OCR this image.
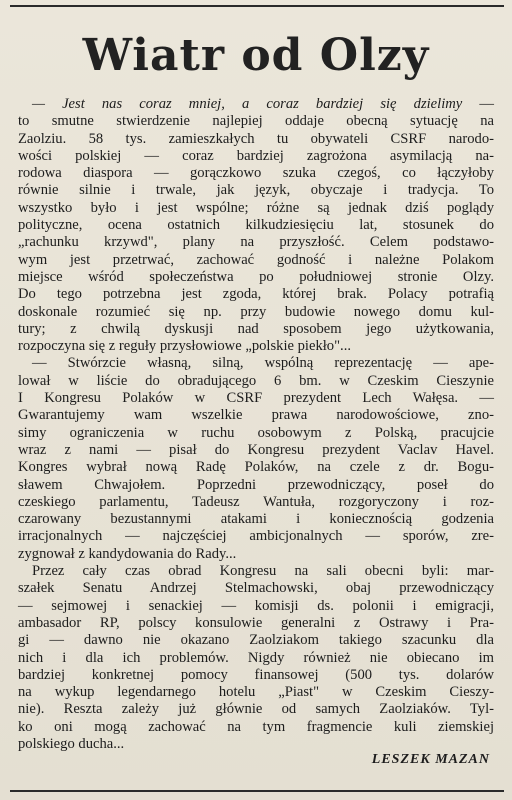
Wiatr od Olzy
— Jest nas coraz mniej, a coraz bardziej się dzielimy —
to smutne stwierdzenie najlepiej oddaje obecną sytuację na
Zaolziu. 58 tys. zamieszkałych tu obywateli CSRF narodo-
wości polskiej — coraz bardziej zagrożona asymilacją na-
rodowa diaspora — gorączkowo szuka czegoś, co łączyłoby
równie silnie i trwale, jak język, obyczaje i tradycja. To
wszystko było i jest wspólne; różne są jednak dziś poglądy
polityczne, ocena ostatnich kilkudziesięciu lat, stosunek do
„rachunku krzywd", plany na przyszłość. Celem podstawo-
wym jest przetrwać, zachować godność i należne Polakom
miejsce wśród społeczeństwa po południowej stronie Olzy.
Do tego potrzebna jest zgoda, której brak. Polacy potrafią
doskonale rozumieć się np. przy budowie nowego domu kul-
tury; z chwilą dyskusji nad sposobem jego użytkowania,
rozpoczyna się z reguły przysłowiowe „polskie piekło"...
— Stwórzcie własną, silną, wspólną reprezentację — ape-
lował w liście do obradującego 6 bm. w Czeskim Cieszynie
I Kongresu Polaków w CSRF prezydent Lech Wałęsa. —
Gwarantujemy wam wszelkie prawa narodowościowe, zno-
simy ograniczenia w ruchu osobowym z Polską, pracujcie
wraz z nami — pisał do Kongresu prezydent Vaclav Havel.
Kongres wybrał nową Radę Polaków, na czele z dr. Bogu-
sławem Chwajołem. Poprzedni przewodniczący, poseł do
czeskiego parlamentu, Tadeusz Wantuła, rozgoryczony i roz-
czarowany bezustannymi atakami i koniecznością godzenia
irracjonalnych — najczęściej ambicjonalnych — sporów, zre-
zygnował z kandydowania do Rady...
Przez cały czas obrad Kongresu na sali obecni byli: mar-
szałek Senatu Andrzej Stelmachowski, obaj przewodniczący
— sejmowej i senackiej — komisji ds. polonii i emigracji,
ambasador RP, polscy konsulowie generalni z Ostrawy i Pra-
gi — dawno nie okazano Zaolziakom takiego szacunku dla
nich i dla ich problemów. Nigdy również nie obiecano im
bardziej konkretnej pomocy finansowej (500 tys. dolarów
na wykup legendarnego hotelu „Piast" w Czeskim Cieszy-
nie). Reszta zależy już głównie od samych Zaolziaków. Tyl-
ko oni mogą zachować na tym fragmencie kuli ziemskiej
polskiego ducha...
LESZEK MAZAN
